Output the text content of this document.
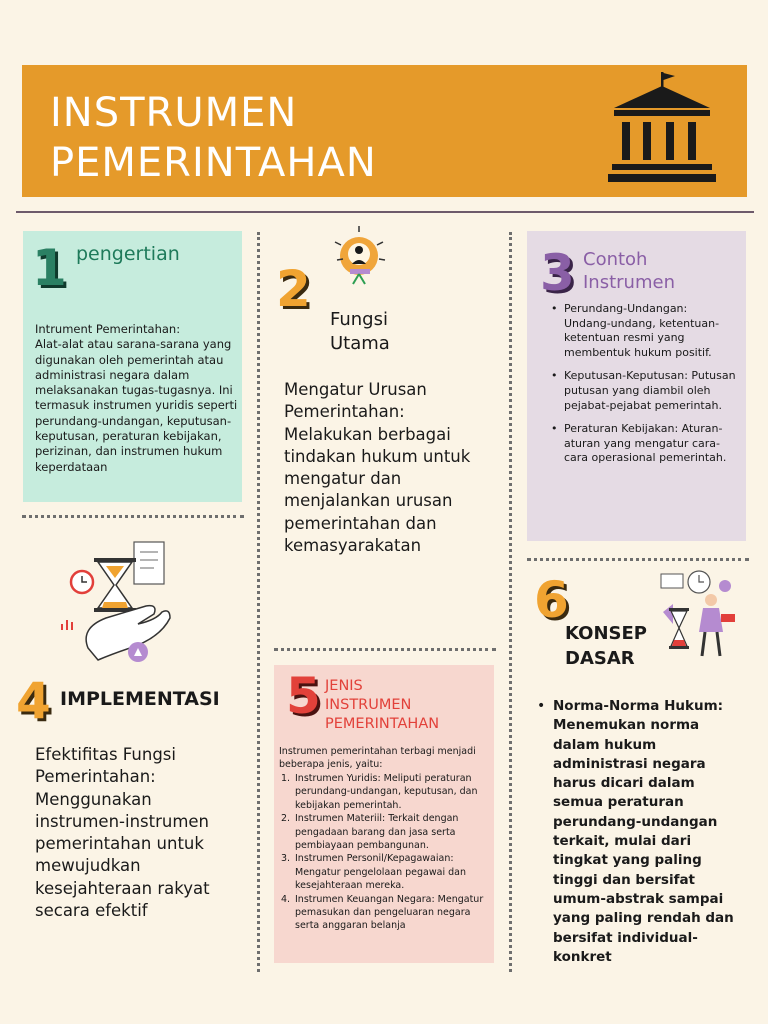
INSTRUMEN PEMERINTAHAN
1 pengertian
Intrument Pemerintahan:
Alat-alat atau sarana-sarana yang digunakan oleh pemerintah atau administrasi negara dalam melaksanakan tugas-tugasnya. Ini termasuk instrumen yuridis seperti perundang-undangan, keputusan-keputusan, peraturan kebijakan, perizinan, dan instrumen hukum keperdataan
2
Fungsi
Utama
Mengatur Urusan Pemerintahan: Melakukan berbagai tindakan hukum untuk mengatur dan menjalankan urusan pemerintahan dan kemasyarakatan
3 Contoh
Instrumen
• Perundang-Undangan: Undang-undang, ketentuan-ketentuan resmi yang membentuk hukum positif.
• Keputusan-Keputusan: Putusan putusan yang diambil oleh pejabat-pejabat pemerintah.
• Peraturan Kebijakan: Aturan-aturan yang mengatur cara-cara operasional pemerintah.
4 IMPLEMENTASI
Efektifitas Fungsi Pemerintahan: Menggunakan instrumen-instrumen pemerintahan untuk mewujudkan kesejahteraan rakyat secara efektif
5 JENIS
INSTRUMEN
PEMERINTAHAN
Instrumen pemerintahan terbagi menjadi beberapa jenis, yaitu:
1. Instrumen Yuridis: Meliputi peraturan perundang-undangan, keputusan, dan kebijakan pemerintah.
2. Instrumen Materiil: Terkait dengan pengadaan barang dan jasa serta pembiayaan pembangunan.
3. Instrumen Personil/Kepagawaian: Mengatur pengelolaan pegawai dan kesejahteraan mereka.
4. Instrumen Keuangan Negara: Mengatur pemasukan dan pengeluaran negara serta anggaran belanja
6
KONSEP
DASAR
• Norma-Norma Hukum: Menemukan norma dalam hukum administrasi negara harus dicari dalam semua peraturan perundang-undangan terkait, mulai dari tingkat yang paling tinggi dan bersifat umum-abstrak sampai yang paling rendah dan bersifat individual-konkret
